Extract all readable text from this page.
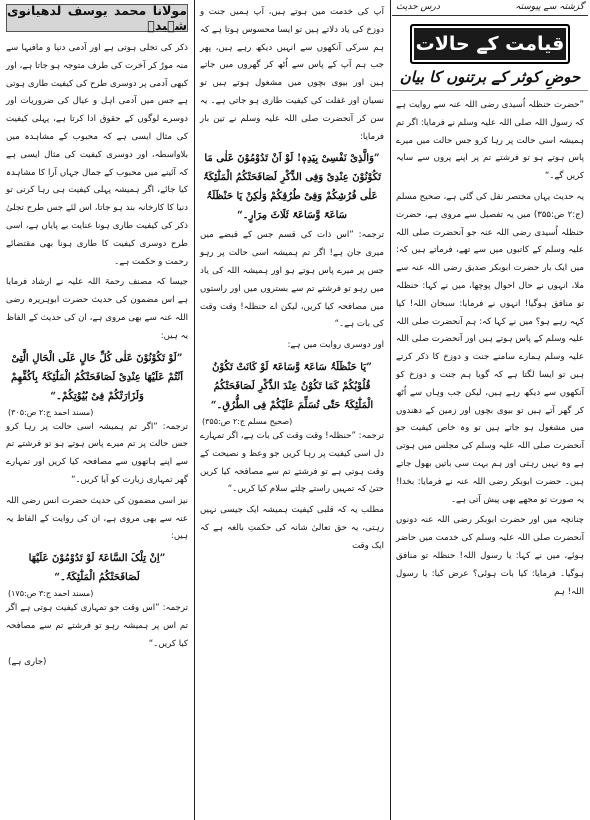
گزشتہ سے پیوستہ
درس حدیث
قیامت کے حالات
حوضِ کوثر کے برتنوں کا بیان

”حضرت حنظلہ اُسیدی رضی اللہ عنہ سے روایت ہے کہ رسول اللہ صلی اللہ علیہ وسلم نے فرمایا: اگر تم ہمیشہ اسی حالت پر رہا کرو جس حالت میں میرے پاس ہوتے ہو تو فرشتے تم پر اپنے پروں سے سایہ کریں گے۔“

یہ حدیث یہاں مختصر نقل کی گئی ہے، صحیح مسلم (ج:۲ ص:۳۵۵) میں یہ تفصیل سے مروی ہے، حضرت حنظلہ اُسیدی رضی اللہ عنہ جو آنحضرت صلی اللہ علیہ وسلم کے کاتبوں میں سے تھے، فرماتے ہیں کہ: میں ایک بار حضرت ابوبکر صدیق رضی اللہ عنہ سے ملا، انہوں نے حال احوال پوچھا، میں نے کہا: حنظلہ تو منافق ہوگیا! انہوں نے فرمایا: سبحان اللہ! کیا کہہ رہے ہو؟ میں نے کہا کہ: ہم آنحضرت صلی اللہ علیہ وسلم کے پاس ہوتے ہیں اور آنحضرت صلی اللہ علیہ وسلم ہمارے سامنے جنت و دوزخ کا ذکر کرتے ہیں تو ایسا لگتا ہے کہ گویا ہم جنت و دوزخ کو آنکھوں سے دیکھ رہے ہیں، لیکن جب وہاں سے اُٹھ کر گھر آتے ہیں تو بیوی بچوں اور زمین کے دھندوں میں مشغول ہو جاتے ہیں تو وہ خاص کیفیت جو آنحضرت صلی اللہ علیہ وسلم کی مجلس میں ہوتی ہے وہ نہیں رہتی اور ہم بہت سی باتیں بھول جاتے ہیں۔ حضرت ابوبکر رضی اللہ عنہ نے فرمایا: بخدا! یہ صورت تو مجھے بھی پیش آتی ہے۔

چنانچہ میں اور حضرت ابوبکر رضی اللہ عنہ دونوں آنحضرت صلی اللہ علیہ وسلم کی خدمت میں حاضر ہوئے، میں نے کہا: یا رسول اللہ! حنظلہ تو منافق ہوگیا۔ فرمایا: کیا بات ہوئی؟ عرض کیا: یا رسول اللہ! ہم

آپ کی خدمت میں ہوتے ہیں، آپ ہمیں جنت و دوزخ کی یاد دلاتے ہیں تو ایسا محسوس ہوتا ہے کہ ہم سرکی آنکھوں سے انہیں دیکھ رہے ہیں، پھر جب ہم آپ کے پاس سے اُٹھ کر گھروں میں جاتے ہیں اور بیوی بچوں میں مشغول ہوتے ہیں تو نسیان اور غفلت کی کیفیت طاری ہو جاتی ہے۔ یہ سن کر آنحضرت صلی اللہ علیہ وسلم نے تین بار فرمایا:

”وَالَّذِیْ نَفْسِیْ بِیَدِہٖ! لَوْ اَنْ تَدُوْمُوْنَ عَلٰی مَا تَکُوْنُوْنَ عِنْدِیْ وَفِی الذِّکْرِ لَصَافَحَتْکُمُ الْمَلٰٓئِکَۃُ عَلٰی فُرُشِکُمْ وَفِیْ طُرُقِکُمْ وَلٰکِنْ یَا حَنْظَلَۃُ سَاعَۃً وَّسَاعَۃً ثَلَاثَ مِرَارٍ۔“

ترجمہ: ”اس ذات کی قسم جس کے قبضے میں میری جان ہے! اگر تم ہمیشہ اسی حالت پر رہو جس پر میرے پاس ہوتے ہو اور ہمیشہ اللہ کی یاد میں رہو تو فرشتے تم سے بستروں میں اور راستوں میں مصافحہ کیا کریں، لیکن اے حنظلہ! وقت وقت کی بات ہے۔“

اور دوسری روایت میں ہے:

”یَا حَنْظَلَۃُ سَاعَۃً وَّسَاعَۃً لَوْ کَانَتْ تَکُوْنُ قُلُوْبُکُمْ کَمَا تَکُوْنُ عِنْدَ الذِّکْرِ لَصَافَحَتْکُمُ الْمَلٰٓئِکَۃُ حَتّٰی تُسَلِّمَ عَلَیْکُمْ فِی الطُّرُقِ۔“
(صحیح مسلم ج:۲ ص:۳۵۵)

ترجمہ: ”حنظلہ! وقت وقت کی بات ہے، اگر تمہارے دل اسی کیفیت پر رہا کریں جو وعظ و نصیحت کے وقت ہوتی ہے تو فرشتے تم سے مصافحہ کیا کریں حتیٰ کہ تمہیں راستے چلتے سلام کیا کریں۔“

مطلب یہ کہ قلبی کیفیت ہمیشہ ایک جیسی نہیں رہتی، یہ حق تعالیٰ شانہ کی حکمتِ بالغہ ہے کہ ایک وقت

مولانا محمد یوسف لدھیانوی شہیدؒ

ذکر کی تجلی ہوتی ہے اور آدمی دنیا و مافیہا سے منہ موڑ کر آخرت کی طرف متوجہ ہو جاتا ہے، اور کبھی آدمی پر دوسری طرح کی کیفیت طاری ہوتی ہے جس میں آدمی اہل و عیال کی ضروریات اور دوسرے لوگوں کے حقوق ادا کرتا ہے، پہلی کیفیت کی مثال ایسی ہے کہ محبوب کے مشاہدہ میں بلاواسطہ، اور دوسری کیفیت کی مثال ایسی ہے کہ آئینے میں محبوب کے جمال جہاں آرا کا مشاہدہ کیا جائے، اگر ہمیشہ پہلی کیفیت ہی رہا کرتی تو دنیا کا کارخانہ بند ہو جاتا، اس لئے جس طرح تجلیٔ ذکر کی کیفیت طاری ہونا عنایت بے پایاں ہے، اسی طرح دوسری کیفیت کا طاری ہونا بھی مقتضائے رحمت و حکمت ہے۔

جیسا کہ مصنف رحمۃ اللہ علیہ نے ارشاد فرمایا ہے اس مضمون کی حدیث حضرت ابوہریرہ رضی اللہ عنہ سے بھی مروی ہے، ان کی حدیث کے الفاظ یہ ہیں:

”لَوْ تَکُوْنُوْنَ عَلٰی کُلِّ حَالٍ عَلَی الْحَالِ الَّتِیْ اَنْتُمْ عَلَیْھَا عِنْدِیْ لَصَافَحَتْکُمُ الْمَلٰٓئِکَۃُ بِاَکُفِّھِمْ وَلَزَارَتْکُمْ فِیْ بُیُوْتِکُمْ۔“
(مسند احمد ج:۲ ص:۳۰۵)

ترجمہ: ”اگر تم ہمیشہ اسی حالت پر رہا کرو جس حالت پر تم میرے پاس ہوتے ہو تو فرشتے تم سے اپنے ہاتھوں سے مصافحہ کیا کریں اور تمہارے گھر تمہاری زیارت کو آیا کریں۔“

نیز اسی مضمون کی حدیث حضرت انس رضی اللہ عنہ سے بھی مروی ہے، ان کی روایت کے الفاظ یہ ہیں:

”اِنْ تِلْکَ السَّاعَۃَ لَوْ تَدُوْمُوْنَ عَلَیْھَا لَصَافَحَتْکُمُ الْمَلٰٓئِکَۃُ۔“
(مسند احمد ج:۳ ص:۱۷۵)

ترجمہ: ”اس وقت جو تمہاری کیفیت ہوتی ہے اگر تم اس پر ہمیشہ رہو تو فرشتے تم سے مصافحہ کیا کریں۔“

(جاری ہے)
